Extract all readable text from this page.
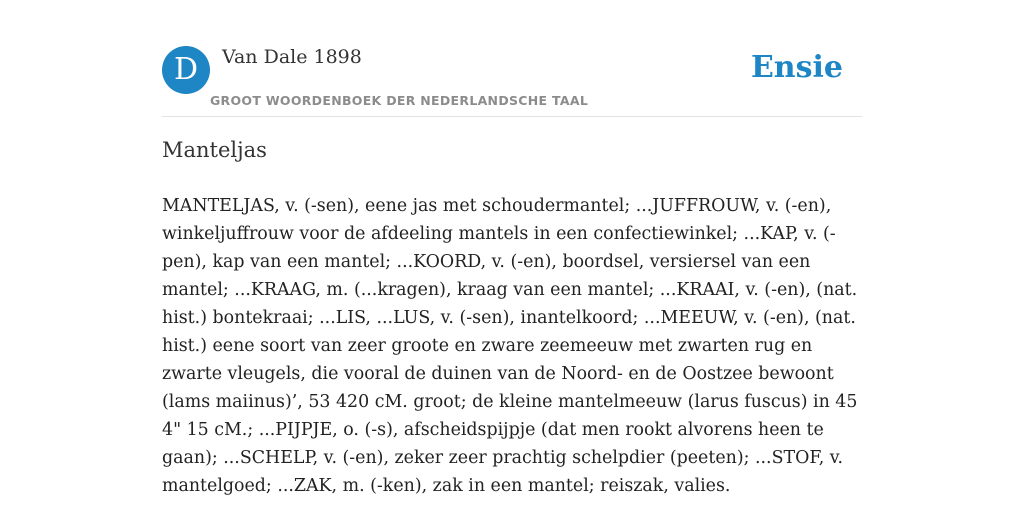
D	Van Dale 1898
GROOT WOORDENBOEK DER NEDERLANDSCHE TAAL
Ensie
Manteljas

MANTELJAS, v. (-sen), eene jas met schoudermantel; ...JUFFROUW, v. (-en), winkeljuffrouw voor de afdeeling mantels in een confectiewinkel; ...KAP, v. (-pen), kap van een mantel; ...KOORD, v. (-en), boordsel, versiersel van een mantel; ...KRAAG, m. (...kragen), kraag van een mantel; ...KRAAI, v. (-en), (nat. hist.) bontekraai; ...LIS, ...LUS, v. (-sen), inantelkoord; ...MEEUW, v. (-en), (nat. hist.) eene soort van zeer groote en zware zeemeeuw met zwarten rug en zwarte vleugels, die vooral de duinen van de Noord- en de Oostzee bewoont (lams maiinus)’, 53 420 cM. groot; de kleine mantelmeeuw (larus fuscus) in 45 4" 15 cM.; ...PIJPJE, o. (-s), afscheidspijpje (dat men rookt alvorens heen te gaan); ...SCHELP, v. (-en), zeker zeer prachtig schelpdier (peeten); ...STOF, v. mantelgoed; ...ZAK, m. (-ken), zak in een mantel; reiszak, valies.
